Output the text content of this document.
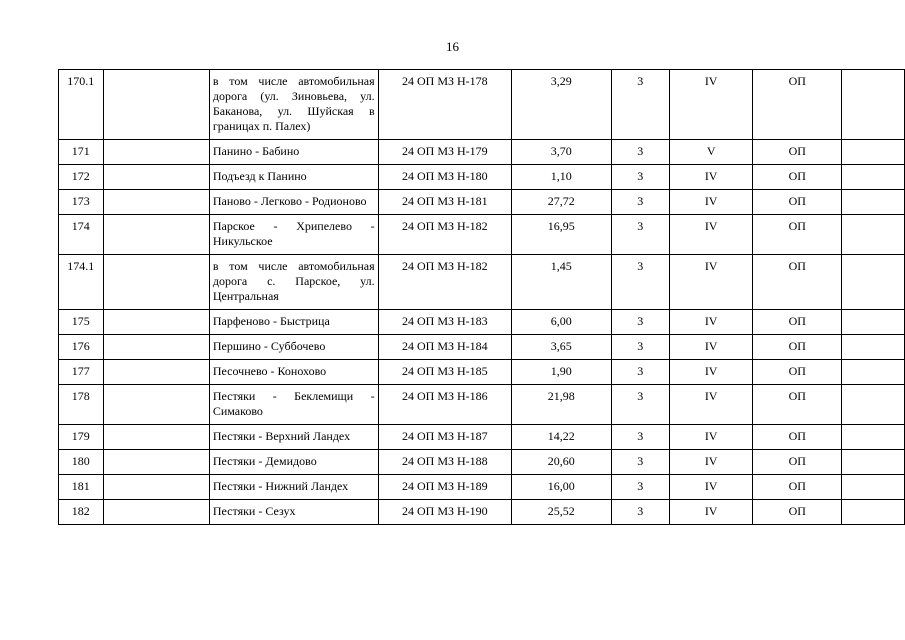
16
170.1		в том числе автомобильная дорога (ул. Зиновьева, ул. Баканова, ул. Шуйская в границах п. Палех)	24 ОП МЗ Н-178	3,29	3	IV	ОП	
171		Панино - Бабино	24 ОП МЗ Н-179	3,70	3	V	ОП	
172		Подъезд к Панино	24 ОП МЗ Н-180	1,10	3	IV	ОП	
173		Паново - Легково - Родионово	24 ОП МЗ Н-181	27,72	3	IV	ОП	
174		Парское - Хрипелево - Никульское	24 ОП МЗ Н-182	16,95	3	IV	ОП	
174.1		в том числе автомобильная дорога с. Парское, ул. Центральная	24 ОП МЗ Н-182	1,45	3	IV	ОП	
175		Парфеново - Быстрица	24 ОП МЗ Н-183	6,00	3	IV	ОП	
176		Першино - Суббочево	24 ОП МЗ Н-184	3,65	3	IV	ОП	
177		Песочнево - Конохово	24 ОП МЗ Н-185	1,90	3	IV	ОП	
178		Пестяки - Беклемищи - Симаково	24 ОП МЗ Н-186	21,98	3	IV	ОП	
179		Пестяки - Верхний Ландех	24 ОП МЗ Н-187	14,22	3	IV	ОП	
180		Пестяки - Демидово	24 ОП МЗ Н-188	20,60	3	IV	ОП	
181		Пестяки - Нижний Ландех	24 ОП МЗ Н-189	16,00	3	IV	ОП	
182		Пестяки - Сезух	24 ОП МЗ Н-190	25,52	3	IV	ОП	
